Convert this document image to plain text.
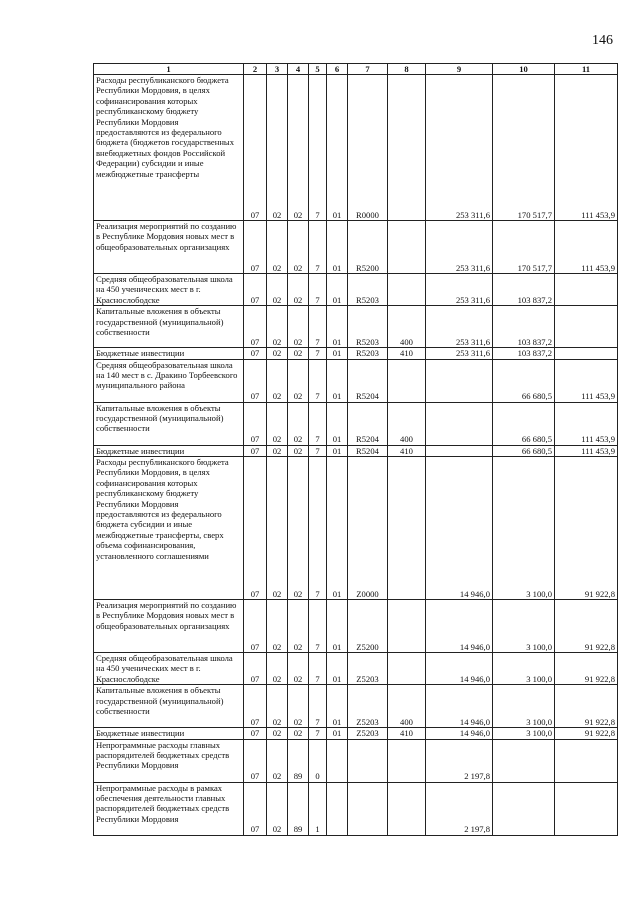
146
1	2	3	4	5	6	7	8	9	10	11
Расходы республиканского бюджета Республики Мордовия, в целях софинансирования которых республиканскому бюджету Республики Мордовия предоставляются из федерального бюджета (бюджетов государственных внебюджетных фондов Российской Федерации) субсидии и иные межбюджетные трансферты	07	02	02	7	01	R0000		253 311,6	170 517,7	111 453,9
Реализация мероприятий по созданию в Республике Мордовия новых мест в общеобразовательных организациях	07	02	02	7	01	R5200		253 311,6	170 517,7	111 453,9
Средняя общеобразовательная школа на 450 ученических мест в г. Краснослободске	07	02	02	7	01	R5203		253 311,6	103 837,2	
Капитальные вложения в объекты государственной (муниципальной) собственности	07	02	02	7	01	R5203	400	253 311,6	103 837,2	
Бюджетные инвестиции	07	02	02	7	01	R5203	410	253 311,6	103 837,2	
Средняя общеобразовательная школа на 140 мест в с. Дракино Торбеевского муниципального района	07	02	02	7	01	R5204			66 680,5	111 453,9
Капитальные вложения в объекты государственной (муниципальной) собственности	07	02	02	7	01	R5204	400		66 680,5	111 453,9
Бюджетные инвестиции	07	02	02	7	01	R5204	410		66 680,5	111 453,9
Расходы республиканского бюджета Республики Мордовия, в целях софинансирования которых республиканскому бюджету Республики Мордовия предоставляются из федерального бюджета субсидии и иные межбюджетные трансферты, сверх объема софинансирования, установленного соглашениями	07	02	02	7	01	Z0000		14 946,0	3 100,0	91 922,8
Реализация мероприятий по созданию в Республике Мордовия новых мест в общеобразовательных организациях	07	02	02	7	01	Z5200		14 946,0	3 100,0	91 922,8
Средняя общеобразовательная школа на 450 ученических мест в г. Краснослободске	07	02	02	7	01	Z5203		14 946,0	3 100,0	91 922,8
Капитальные вложения в объекты государственной (муниципальной) собственности	07	02	02	7	01	Z5203	400	14 946,0	3 100,0	91 922,8
Бюджетные инвестиции	07	02	02	7	01	Z5203	410	14 946,0	3 100,0	91 922,8
Непрограммные расходы главных распорядителей бюджетных средств Республики Мордовия	07	02	89	0				2 197,8		
Непрограммные расходы в рамках обеспечения деятельности главных распорядителей бюджетных средств Республики Мордовия	07	02	89	1				2 197,8		
